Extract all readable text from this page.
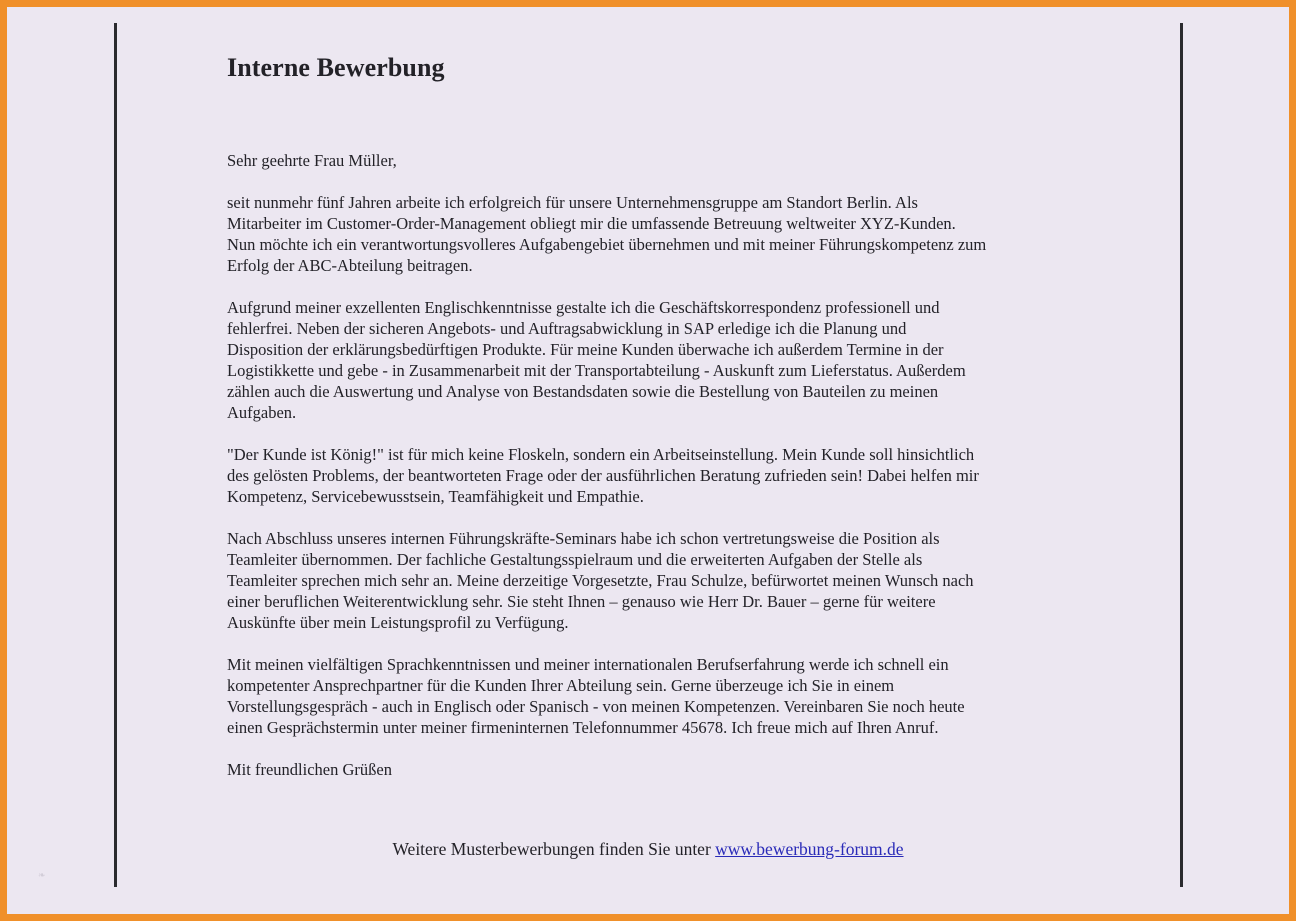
Interne Bewerbung

Sehr geehrte Frau Müller,

seit nunmehr fünf Jahren arbeite ich erfolgreich für unsere Unternehmensgruppe am Standort Berlin. Als
Mitarbeiter im Customer-Order-Management obliegt mir die umfassende Betreuung weltweiter XYZ-Kunden.
Nun möchte ich ein verantwortungsvolleres Aufgabengebiet übernehmen und mit meiner Führungskompetenz zum
Erfolg der ABC-Abteilung beitragen.

Aufgrund meiner exzellenten Englischkenntnisse gestalte ich die Geschäftskorrespondenz professionell und
fehlerfrei. Neben der sicheren Angebots- und Auftragsabwicklung in SAP erledige ich die Planung und
Disposition der erklärungsbedürftigen Produkte. Für meine Kunden überwache ich außerdem Termine in der
Logistikkette und gebe - in Zusammenarbeit mit der Transportabteilung - Auskunft zum Lieferstatus. Außerdem
zählen auch die Auswertung und Analyse von Bestandsdaten sowie die Bestellung von Bauteilen zu meinen
Aufgaben.

"Der Kunde ist König!" ist für mich keine Floskeln, sondern ein Arbeitseinstellung. Mein Kunde soll hinsichtlich
des gelösten Problems, der beantworteten Frage oder der ausführlichen Beratung zufrieden sein! Dabei helfen mir
Kompetenz, Servicebewusstsein, Teamfähigkeit und Empathie.

Nach Abschluss unseres internen Führungskräfte-Seminars habe ich schon vertretungsweise die Position als
Teamleiter übernommen. Der fachliche Gestaltungsspielraum und die erweiterten Aufgaben der Stelle als
Teamleiter sprechen mich sehr an. Meine derzeitige Vorgesetzte, Frau Schulze, befürwortet meinen Wunsch nach
einer beruflichen Weiterentwicklung sehr. Sie steht Ihnen – genauso wie Herr Dr. Bauer – gerne für weitere
Auskünfte über mein Leistungsprofil zu Verfügung.

Mit meinen vielfältigen Sprachkenntnissen und meiner internationalen Berufserfahrung werde ich schnell ein
kompetenter Ansprechpartner für die Kunden Ihrer Abteilung sein. Gerne überzeuge ich Sie in einem
Vorstellungsgespräch - auch in Englisch oder Spanisch - von meinen Kompetenzen. Vereinbaren Sie noch heute
einen Gesprächstermin unter meiner firmeninternen Telefonnummer 45678. Ich freue mich auf Ihren Anruf.

Mit freundlichen Grüßen

Weitere Musterbewerbungen finden Sie unter www.bewerbung-forum.de
❧
